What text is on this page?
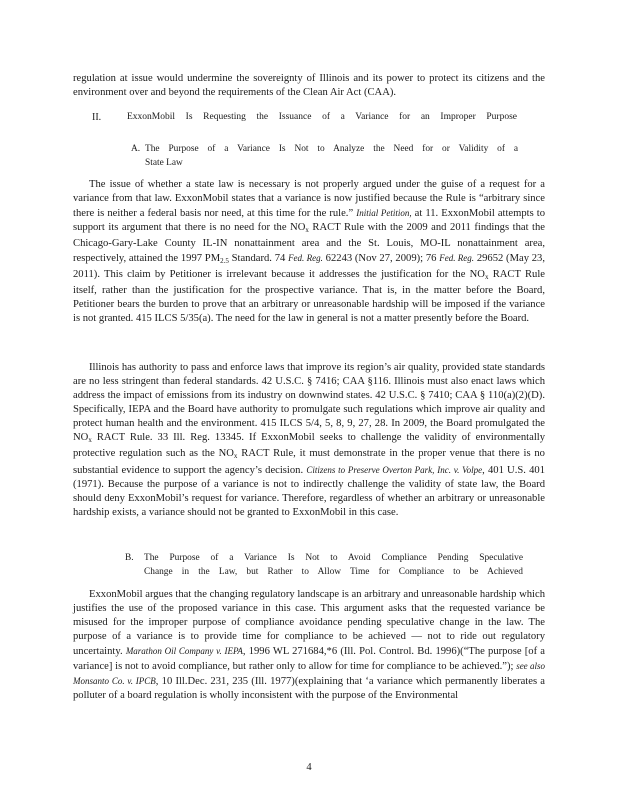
regulation at issue would undermine the sovereignty of Illinois and its power to protect its citizens and the environment over and beyond the requirements of the Clean Air Act (CAA).

II.	ExxonMobil Is Requesting the Issuance of a Variance for an Improper Purpose
A. The Purpose of a Variance Is Not to Analyze the Need for or Validity of a
State Law

The issue of whether a state law is necessary is not properly argued under the guise of a request for a variance from that law. ExxonMobil states that a variance is now justified because the Rule is “arbitrary since there is neither a federal basis nor need, at this time for the rule.” Initial Petition, at 11. ExxonMobil attempts to support its argument that there is no need for the $NO_x$ RACT Rule with the 2009 and 2011 findings that the Chicago-Gary-Lake County IL-IN nonattainment area and the St. Louis, MO-IL nonattainment area, respectively, attained the 1997 $PM_{2.5}$ Standard. 74 Fed. Reg. 62243 (Nov 27, 2009); 76 Fed. Reg. 29652 (May 23, 2011). This claim by Petitioner is irrelevant because it addresses the justification for the $NO_x$ RACT Rule itself, rather than the justification for the prospective variance. That is, in the matter before the Board, Petitioner bears the burden to prove that an arbitrary or unreasonable hardship will be imposed if the variance is not granted. 415 ILCS 5/35(a). The need for the law in general is not a matter presently before the Board.

Illinois has authority to pass and enforce laws that improve its region’s air quality, provided state standards are no less stringent than federal standards. 42 U.S.C. § 7416; CAA §116. Illinois must also enact laws which address the impact of emissions from its industry on downwind states. 42 U.S.C. § 7410; CAA § 110(a)(2)(D). Specifically, IEPA and the Board have authority to promulgate such regulations which improve air quality and protect human health and the environment. 415 ILCS 5/4, 5, 8, 9, 27, 28. In 2009, the Board promulgated the $NO_x$ RACT Rule. 33 Ill. Reg. 13345. If ExxonMobil seeks to challenge the validity of environmentally protective regulation such as the $NO_x$ RACT Rule, it must demonstrate in the proper venue that there is no substantial evidence to support the agency’s decision. Citizens to Preserve Overton Park, Inc. v. Volpe, 401 U.S. 401 (1971). Because the purpose of a variance is not to indirectly challenge the validity of state law, the Board should deny ExxonMobil’s request for variance. Therefore, regardless of whether an arbitrary or unreasonable hardship exists, a variance should not be granted to ExxonMobil in this case.

B. The Purpose of a Variance Is Not to Avoid Compliance Pending Speculative
Change in the Law, but Rather to Allow Time for Compliance to be Achieved

ExxonMobil argues that the changing regulatory landscape is an arbitrary and unreasonable hardship which justifies the use of the proposed variance in this case. This argument asks that the requested variance be misused for the improper purpose of compliance avoidance pending speculative change in the law. The purpose of a variance is to provide time for compliance to be achieved — not to ride out regulatory uncertainty. Marathon Oil Company v. IEPA, 1996 WL 271684,*6 (Ill. Pol. Control. Bd. 1996)(“The purpose [of a variance] is not to avoid compliance, but rather only to allow for time for compliance to be achieved.”); see also Monsanto Co. v. IPCB, 10 Ill.Dec. 231, 235 (Ill. 1977)(explaining that ‘a variance which permanently liberates a polluter of a board regulation is wholly inconsistent with the purpose of the Environmental

4
